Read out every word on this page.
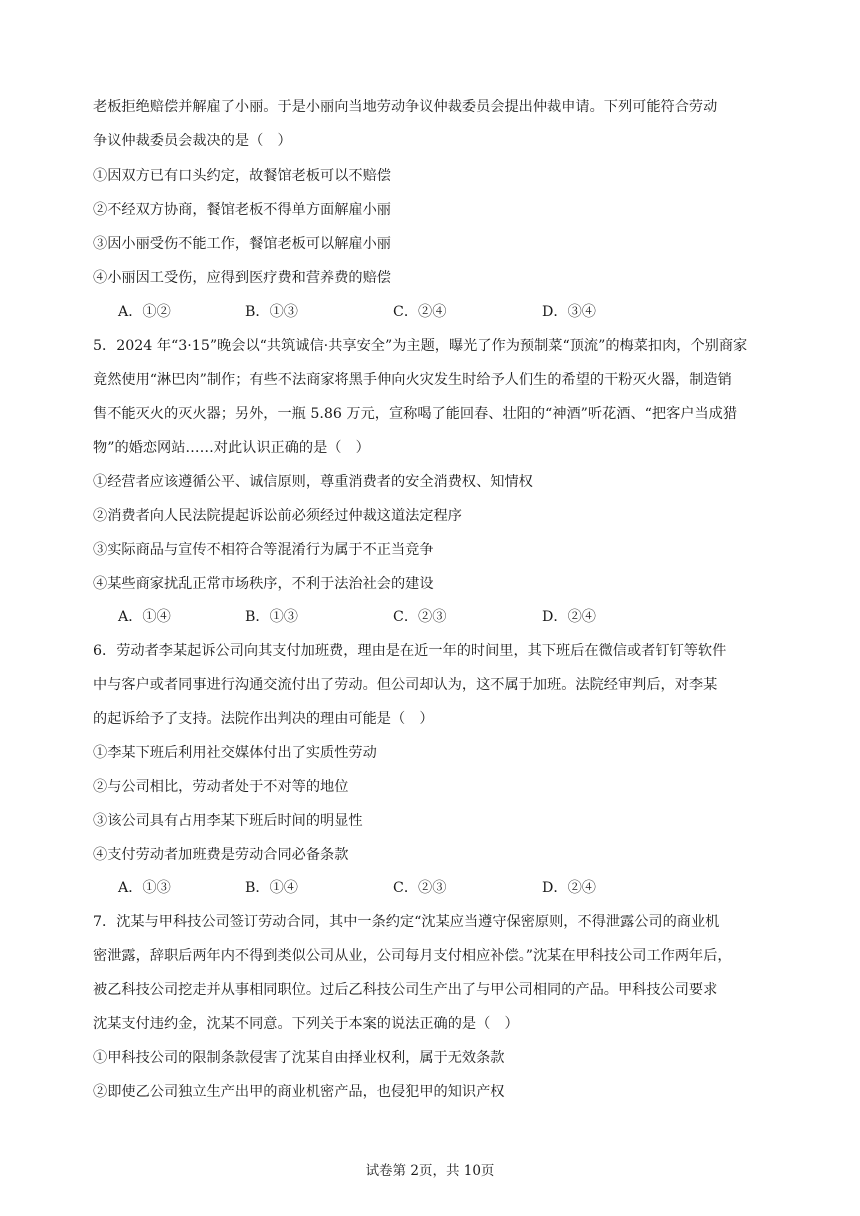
老板拒绝赔偿并解雇了小丽。于是小丽向当地劳动争议仲裁委员会提出仲裁申请。下列可能符合劳动
争议仲裁委员会裁决的是（　）
①因双方已有口头约定，故餐馆老板可以不赔偿
②不经双方协商，餐馆老板不得单方面解雇小丽
③因小丽受伤不能工作，餐馆老板可以解雇小丽
④小丽因工受伤，应得到医疗费和营养费的赔偿
A．①②	B．①③	C．②④	D．③④
5．2024 年“3·15”晚会以“共筑诚信·共享安全”为主题，曝光了作为预制菜“顶流”的梅菜扣肉，个别商家
竟然使用“淋巴肉”制作；有些不法商家将黑手伸向火灾发生时给予人们生的希望的干粉灭火器，制造销
售不能灭火的灭火器；另外，一瓶 5.86 万元，宣称喝了能回春、壮阳的“神酒”听花酒、“把客户当成猎
物”的婚恋网站……对此认识正确的是（　）
①经营者应该遵循公平、诚信原则，尊重消费者的安全消费权、知情权
②消费者向人民法院提起诉讼前必须经过仲裁这道法定程序
③实际商品与宣传不相符合等混淆行为属于不正当竞争
④某些商家扰乱正常市场秩序，不利于法治社会的建设
A．①④	B．①③	C．②③	D．②④
6．劳动者李某起诉公司向其支付加班费，理由是在近一年的时间里，其下班后在微信或者钉钉等软件
中与客户或者同事进行沟通交流付出了劳动。但公司却认为，这不属于加班。法院经审判后，对李某
的起诉给予了支持。法院作出判决的理由可能是（　）
①李某下班后利用社交媒体付出了实质性劳动
②与公司相比，劳动者处于不对等的地位
③该公司具有占用李某下班后时间的明显性
④支付劳动者加班费是劳动合同必备条款
A．①③	B．①④	C．②③	D．②④
7．沈某与甲科技公司签订劳动合同，其中一条约定“沈某应当遵守保密原则，不得泄露公司的商业机
密泄露，辞职后两年内不得到类似公司从业，公司每月支付相应补偿。”沈某在甲科技公司工作两年后，
被乙科技公司挖走并从事相同职位。过后乙科技公司生产出了与甲公司相同的产品。甲科技公司要求
沈某支付违约金，沈某不同意。下列关于本案的说法正确的是（　）
①甲科技公司的限制条款侵害了沈某自由择业权利，属于无效条款
②即使乙公司独立生产出甲的商业机密产品，也侵犯甲的知识产权
试卷第 2页，共 10页
